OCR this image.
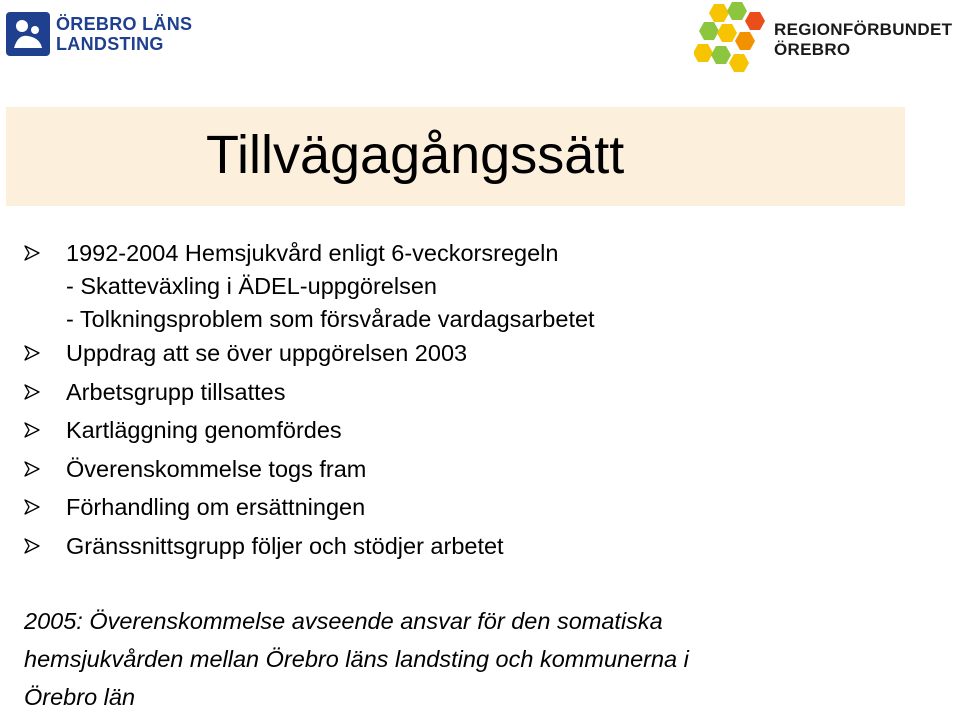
ÖREBRO LÄNS
LANDSTING
REGIONFÖRBUNDET
ÖREBRO
Tillvägagångssätt
1992-2004 Hemsjukvård enligt 6-veckorsregeln
- Skatteväxling i ÄDEL-uppgörelsen
- Tolkningsproblem som försvårade vardagsarbetet
Uppdrag att se över uppgörelsen 2003
Arbetsgrupp tillsattes
Kartläggning genomfördes
Överenskommelse togs fram
Förhandling om ersättningen
Gränssnittsgrupp följer och stödjer arbetet
2005: Överenskommelse avseende ansvar för den somatiska
hemsjukvården mellan Örebro läns landsting och kommunerna i
Örebro län
